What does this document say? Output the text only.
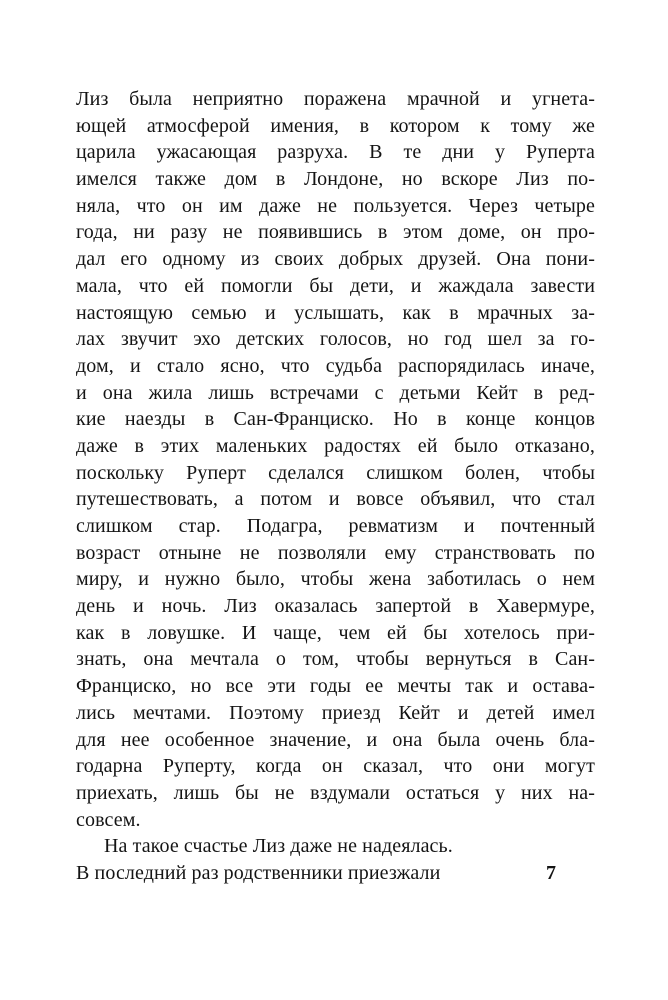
Лиз была неприятно поражена мрачной и угнета-
ющей атмосферой имения, в котором к тому же
царила ужасающая разруха. В те дни у Руперта
имелся также дом в Лондоне, но вскоре Лиз по-
няла, что он им даже не пользуется. Через четыре
года, ни разу не появившись в этом доме, он про-
дал его одному из своих добрых друзей. Она пони-
мала, что ей помогли бы дети, и жаждала завести
настоящую семью и услышать, как в мрачных за-
лах звучит эхо детских голосов, но год шел за го-
дом, и стало ясно, что судьба распорядилась иначе,
и она жила лишь встречами с детьми Кейт в ред-
кие наезды в Сан-Франциско. Но в конце концов
даже в этих маленьких радостях ей было отказано,
поскольку Руперт сделался слишком болен, чтобы
путешествовать, а потом и вовсе объявил, что стал
слишком стар. Подагра, ревматизм и почтенный
возраст отныне не позволяли ему странствовать по
миру, и нужно было, чтобы жена заботилась о нем
день и ночь. Лиз оказалась запертой в Хавермуре,
как в ловушке. И чаще, чем ей бы хотелось при-
знать, она мечтала о том, чтобы вернуться в Сан-
Франциско, но все эти годы ее мечты так и остава-
лись мечтами. Поэтому приезд Кейт и детей имел
для нее особенное значение, и она была очень бла-
годарна Руперту, когда он сказал, что они могут
приехать, лишь бы не вздумали остаться у них на-
совсем.
На такое счастье Лиз даже не надеялась.
В последний раз родственники приезжали	7
